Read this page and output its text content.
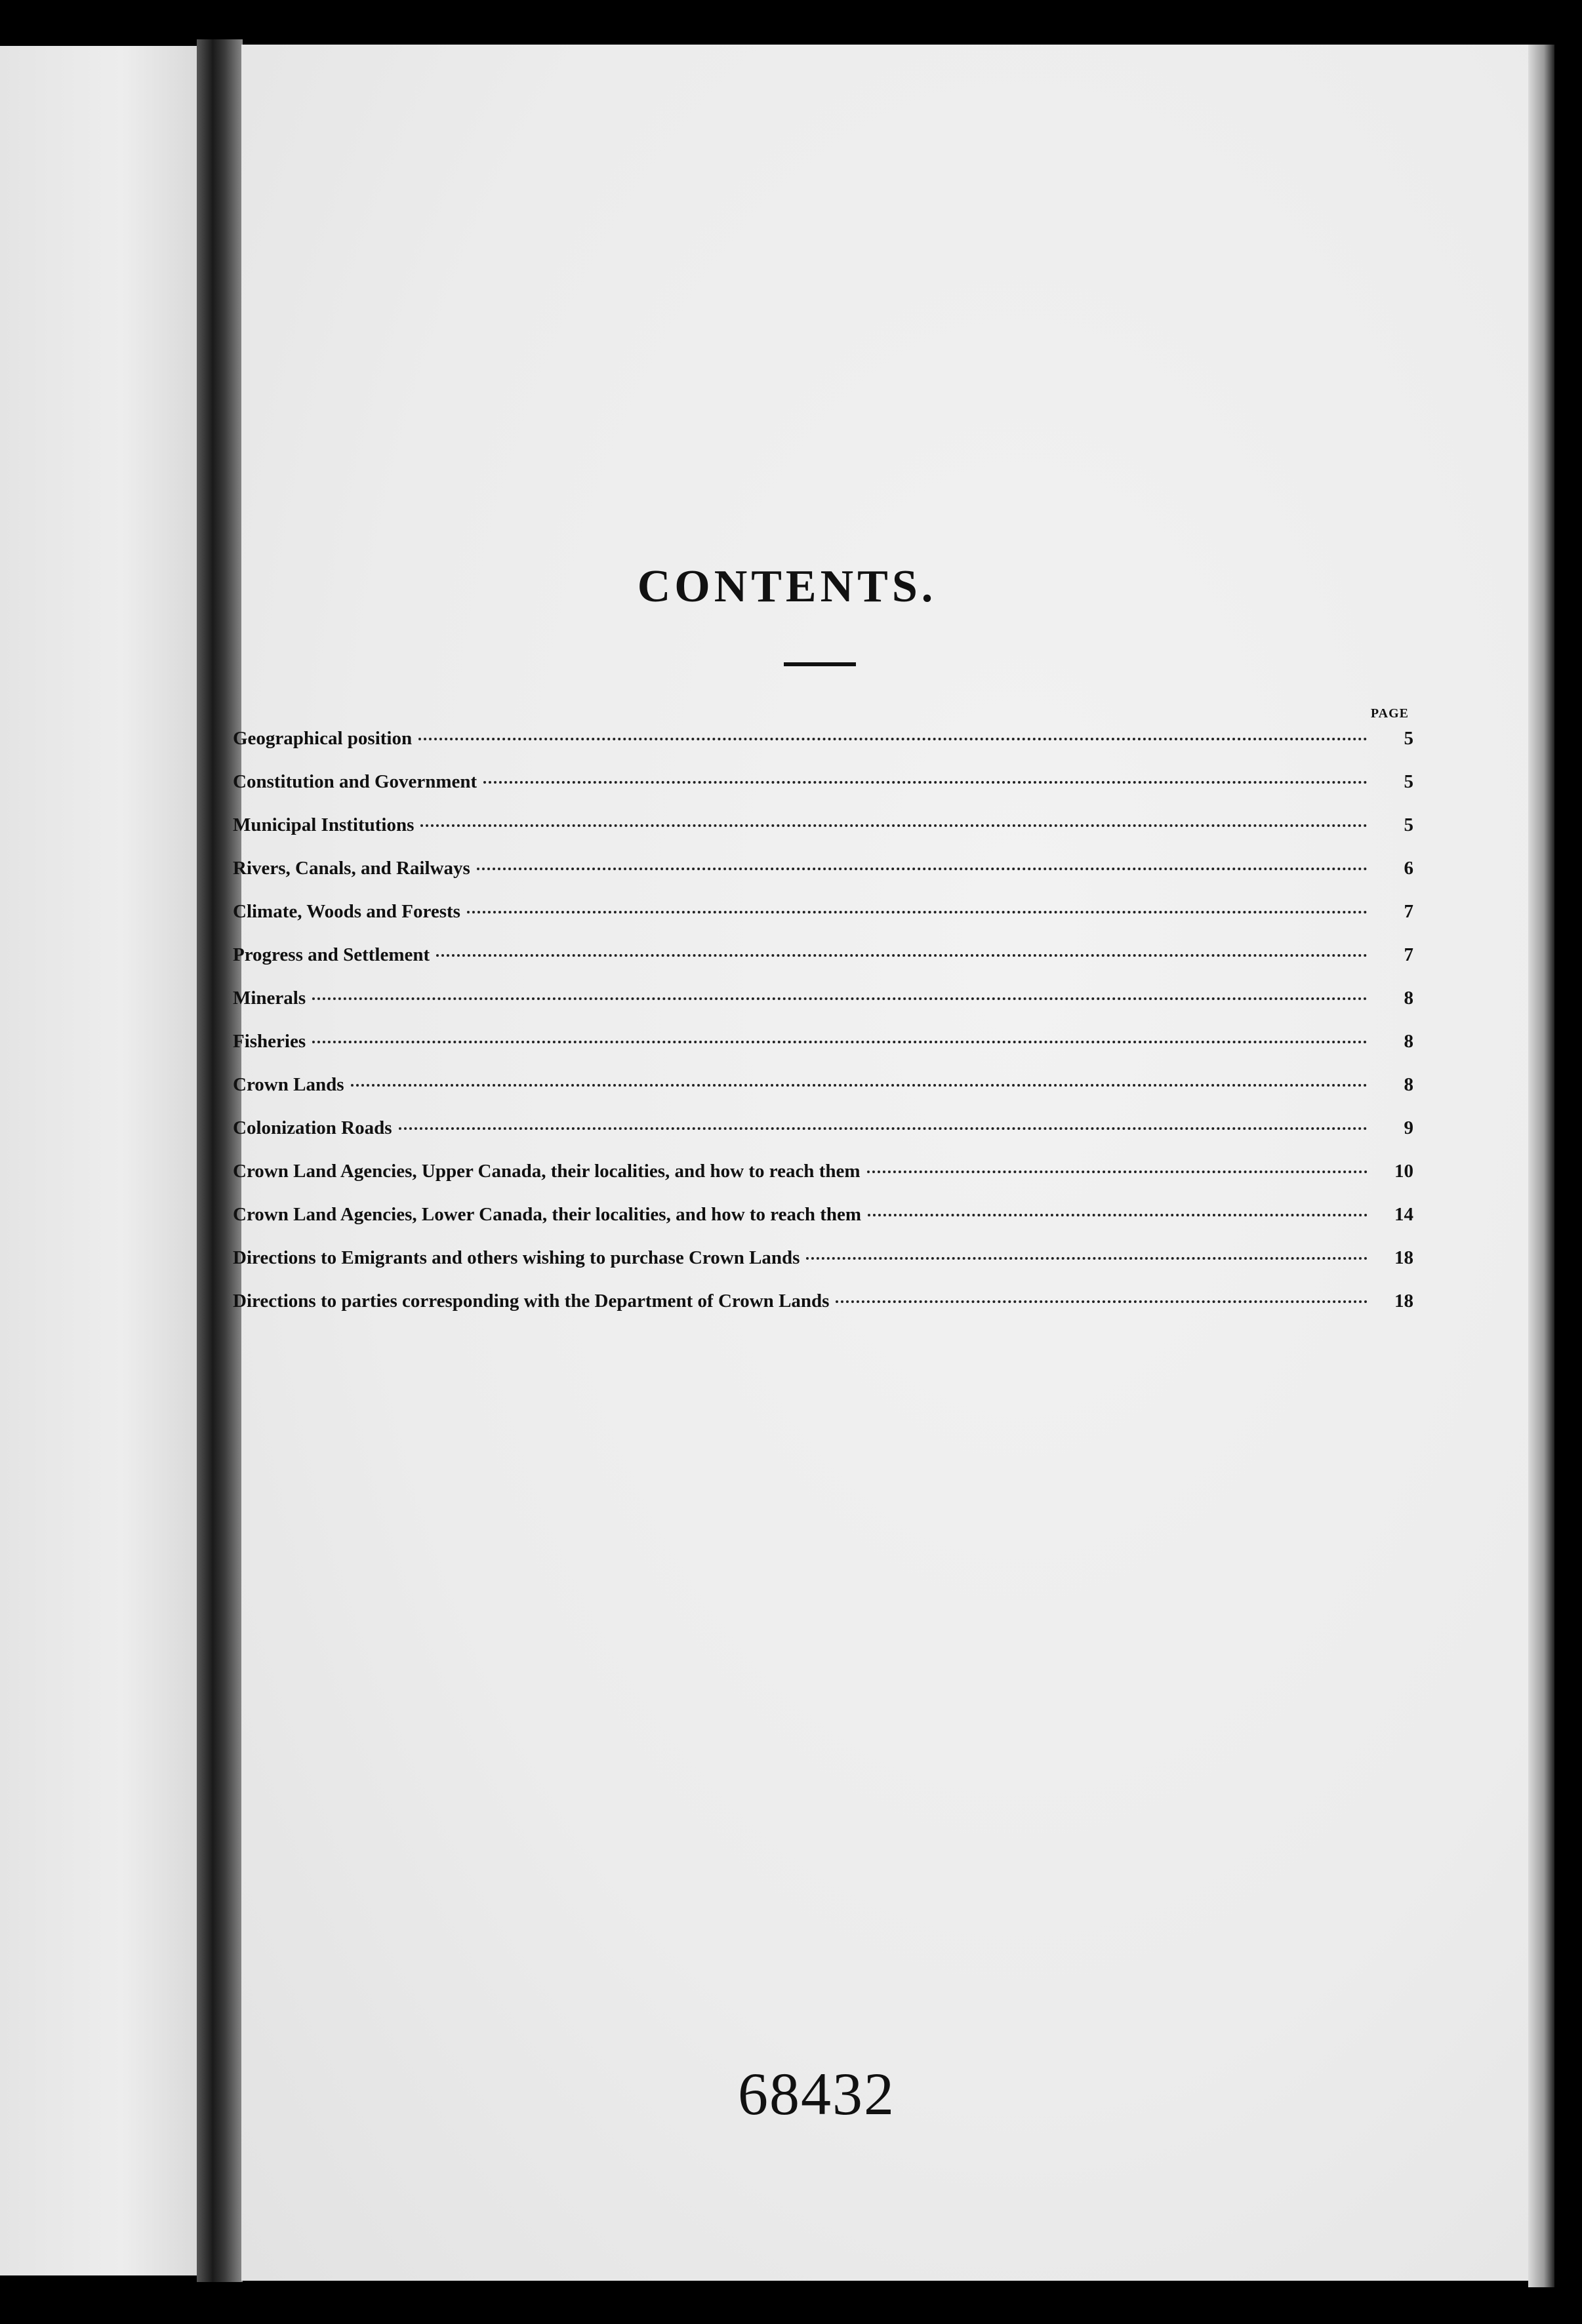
CONTENTS.
PAGE
Geographical position	5
Constitution and Government	5
Municipal Institutions	5
Rivers, Canals, and Railways	6
Climate, Woods and Forests	7
Progress and Settlement	7
Minerals	8
Fisheries	8
Crown Lands	8
Colonization Roads	9
Crown Land Agencies, Upper Canada, their localities, and how to reach them	10
Crown Land Agencies, Lower Canada, their localities, and how to reach them	14
Directions to Emigrants and others wishing to purchase Crown Lands	18
Directions to parties corresponding with the Department of Crown Lands	18
68432
